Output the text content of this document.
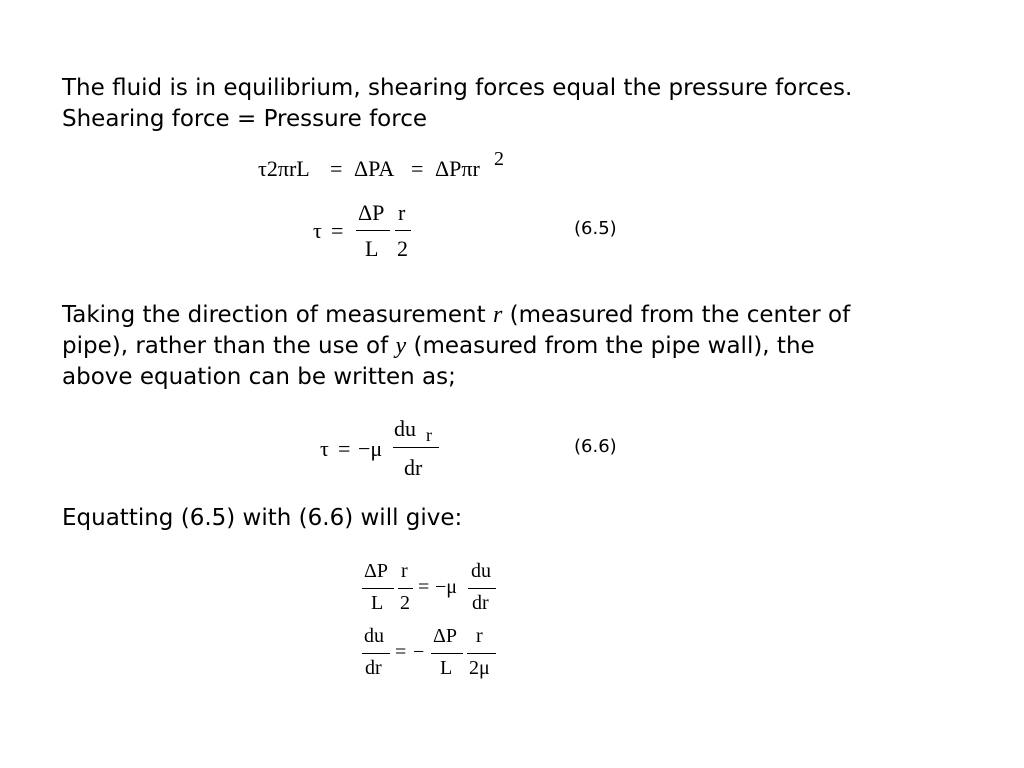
The fluid is in equilibrium, shearing forces equal the pressure forces.
Shearing force = Pressure force
τ2πrL = ΔPA = ΔPπr 2
τ =
ΔP
L
r
2
(6.5)
Taking the direction of measurement r (measured from the center of
pipe), rather than the use of y (measured from the pipe wall), the
above equation can be written as;
τ = −μ
du r
dr
(6.6)
Equatting (6.5) with (6.6) will give:
ΔP
L
r
2
= −μ
du
dr
du
dr
= −
ΔP
L
r
2μ
